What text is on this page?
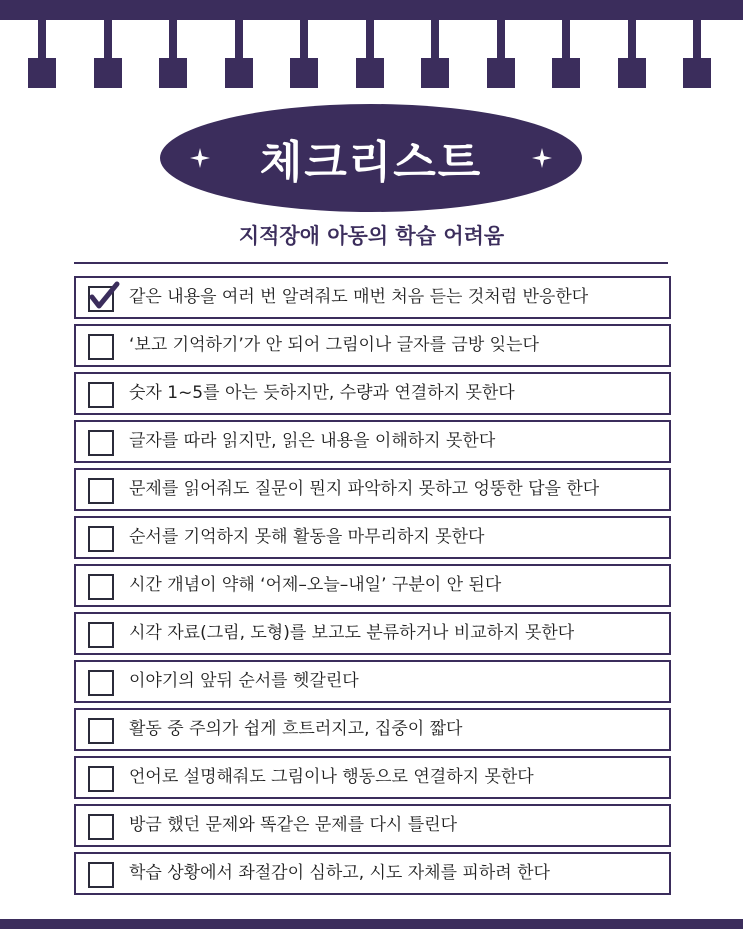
체크리스트
지적장애 아동의 학습 어려움
같은 내용을 여러 번 알려줘도 매번 처음 듣는 것처럼 반응한다
‘보고 기억하기’가 안 되어 그림이나 글자를 금방 잊는다
숫자 1~5를 아는 듯하지만, 수량과 연결하지 못한다
글자를 따라 읽지만, 읽은 내용을 이해하지 못한다
문제를 읽어줘도 질문이 뭔지 파악하지 못하고 엉뚱한 답을 한다
순서를 기억하지 못해 활동을 마무리하지 못한다
시간 개념이 약해 ‘어제–오늘–내일’ 구분이 안 된다
시각 자료(그림, 도형)를 보고도 분류하거나 비교하지 못한다
이야기의 앞뒤 순서를 헷갈린다
활동 중 주의가 쉽게 흐트러지고, 집중이 짧다
언어로 설명해줘도 그림이나 행동으로 연결하지 못한다
방금 했던 문제와 똑같은 문제를 다시 틀린다
학습 상황에서 좌절감이 심하고, 시도 자체를 피하려 한다
